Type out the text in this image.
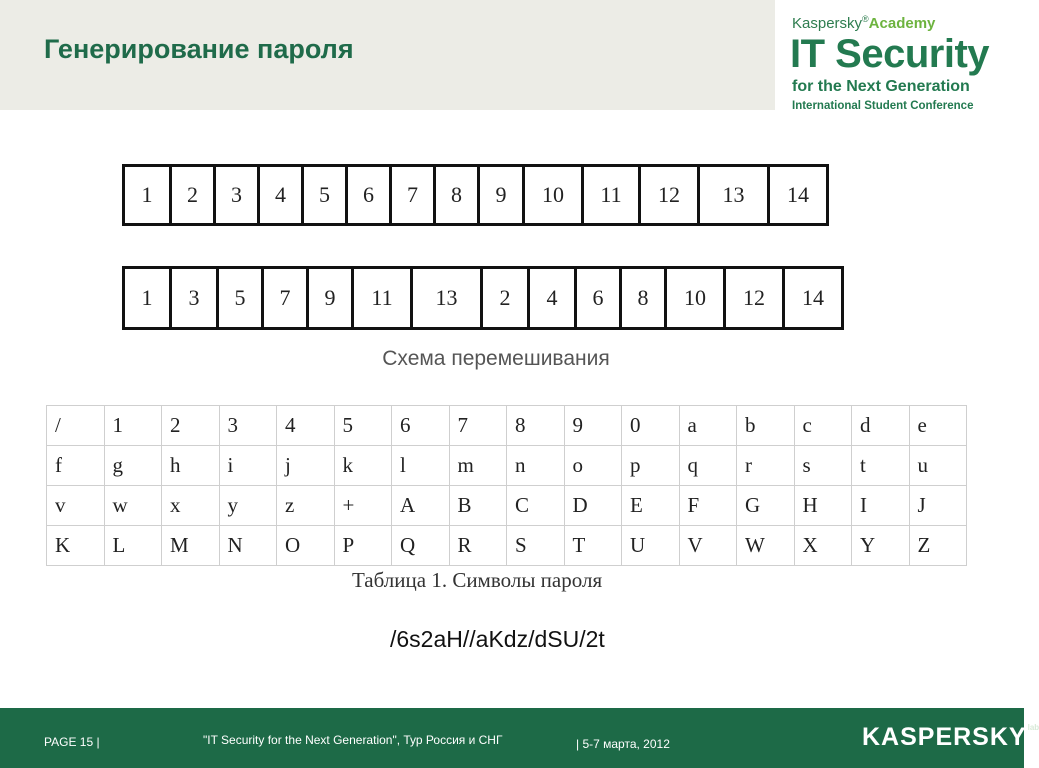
Генерирование пароля
Kaspersky®Academy
IT Security
for the Next Generation
International Student Conference
1	2	3	4	5	6	7	8	9	10	11	12	13	14
1	3	5	7	9	11	13	2	4	6	8	10	12	14
Схема перемешивания
/	1	2	3	4	5	6	7	8	9	0	a	b	c	d	e
f	g	h	i	j	k	l	m	n	o	p	q	r	s	t	u
v	w	x	y	z	+	A	B	C	D	E	F	G	H	I	J
K	L	M	N	O	P	Q	R	S	T	U	V	W	X	Y	Z
Таблица 1. Символы пароля
/6s2aH//aKdz/dSU/2t
PAGE 15 |	"IT Security for the Next Generation", Тур Россия и СНГ	| 5-7 марта, 2012	$KASPERSKY^{lab}$
